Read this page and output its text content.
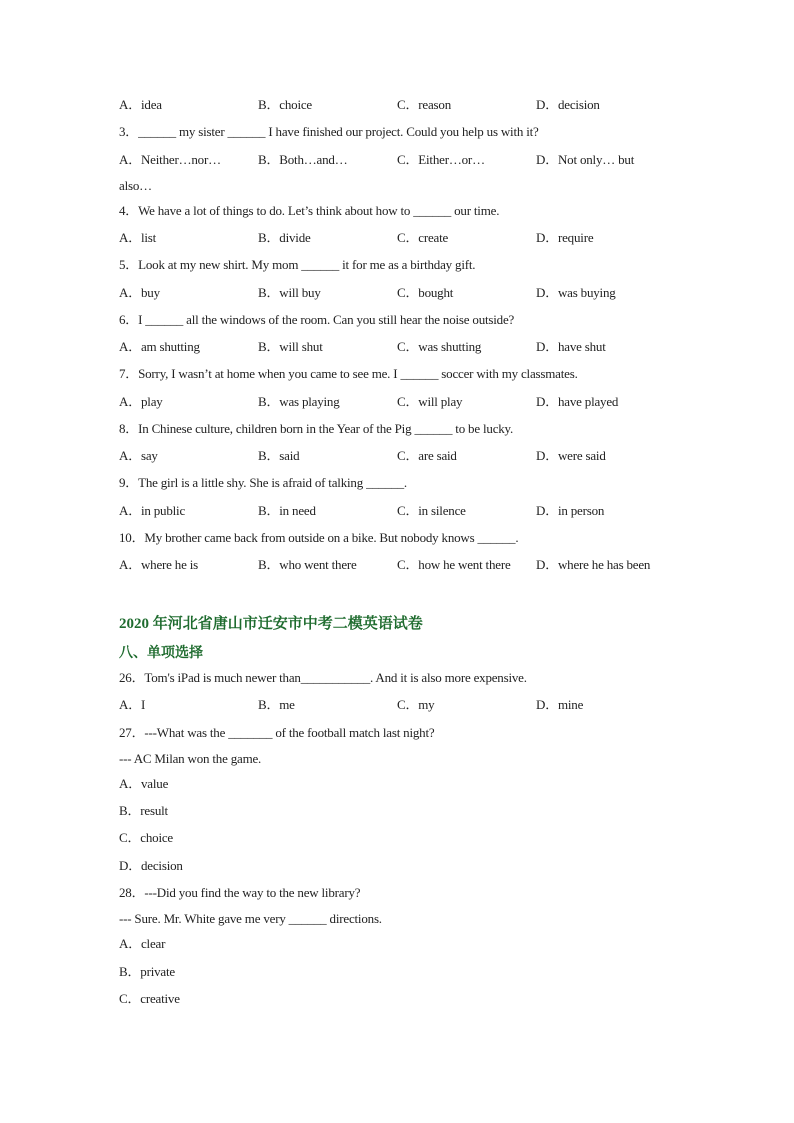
A．idea	B．choice	C．reason	D．decision
3．______ my sister ______ I have finished our project. Could you help us with it?
A．Neither…nor…	B．Both…and…	C．Either…or…	D．Not only… but
also…
4．We have a lot of things to do. Let’s think about how to ______ our time.
A．list	B．divide	C．create	D．require
5．Look at my new shirt. My mom ______ it for me as a birthday gift.
A．buy	B．will buy	C．bought	D．was buying
6．I ______ all the windows of the room. Can you still hear the noise outside?
A．am shutting	B．will shut	C．was shutting	D．have shut
7．Sorry, I wasn’t at home when you came to see me. I ______ soccer with my classmates.
A．play	B．was playing	C．will play	D．have played
8．In Chinese culture, children born in the Year of the Pig ______ to be lucky.
A．say	B．said	C．are said	D．were said
9．The girl is a little shy. She is afraid of talking ______.
A．in public	B．in need	C．in silence	D．in person
10．My brother came back from outside on a bike. But nobody knows ______.
A．where he is	B．who went there	C．how he went there D．where he has been
2020 年河北省唐山市迁安市中考二模英语试卷
八、单项选择
26．Tom's iPad is much newer than___________. And it is also more expensive.
A．I	B．me	C．my	D．mine
27．---What was the _______ of the football match last night?
--- AC Milan won the game.
A．value
B．result
C．choice
D．decision
28．---Did you find the way to the new library?
--- Sure. Mr. White gave me very ______ directions.
A．clear
B．private
C．creative
